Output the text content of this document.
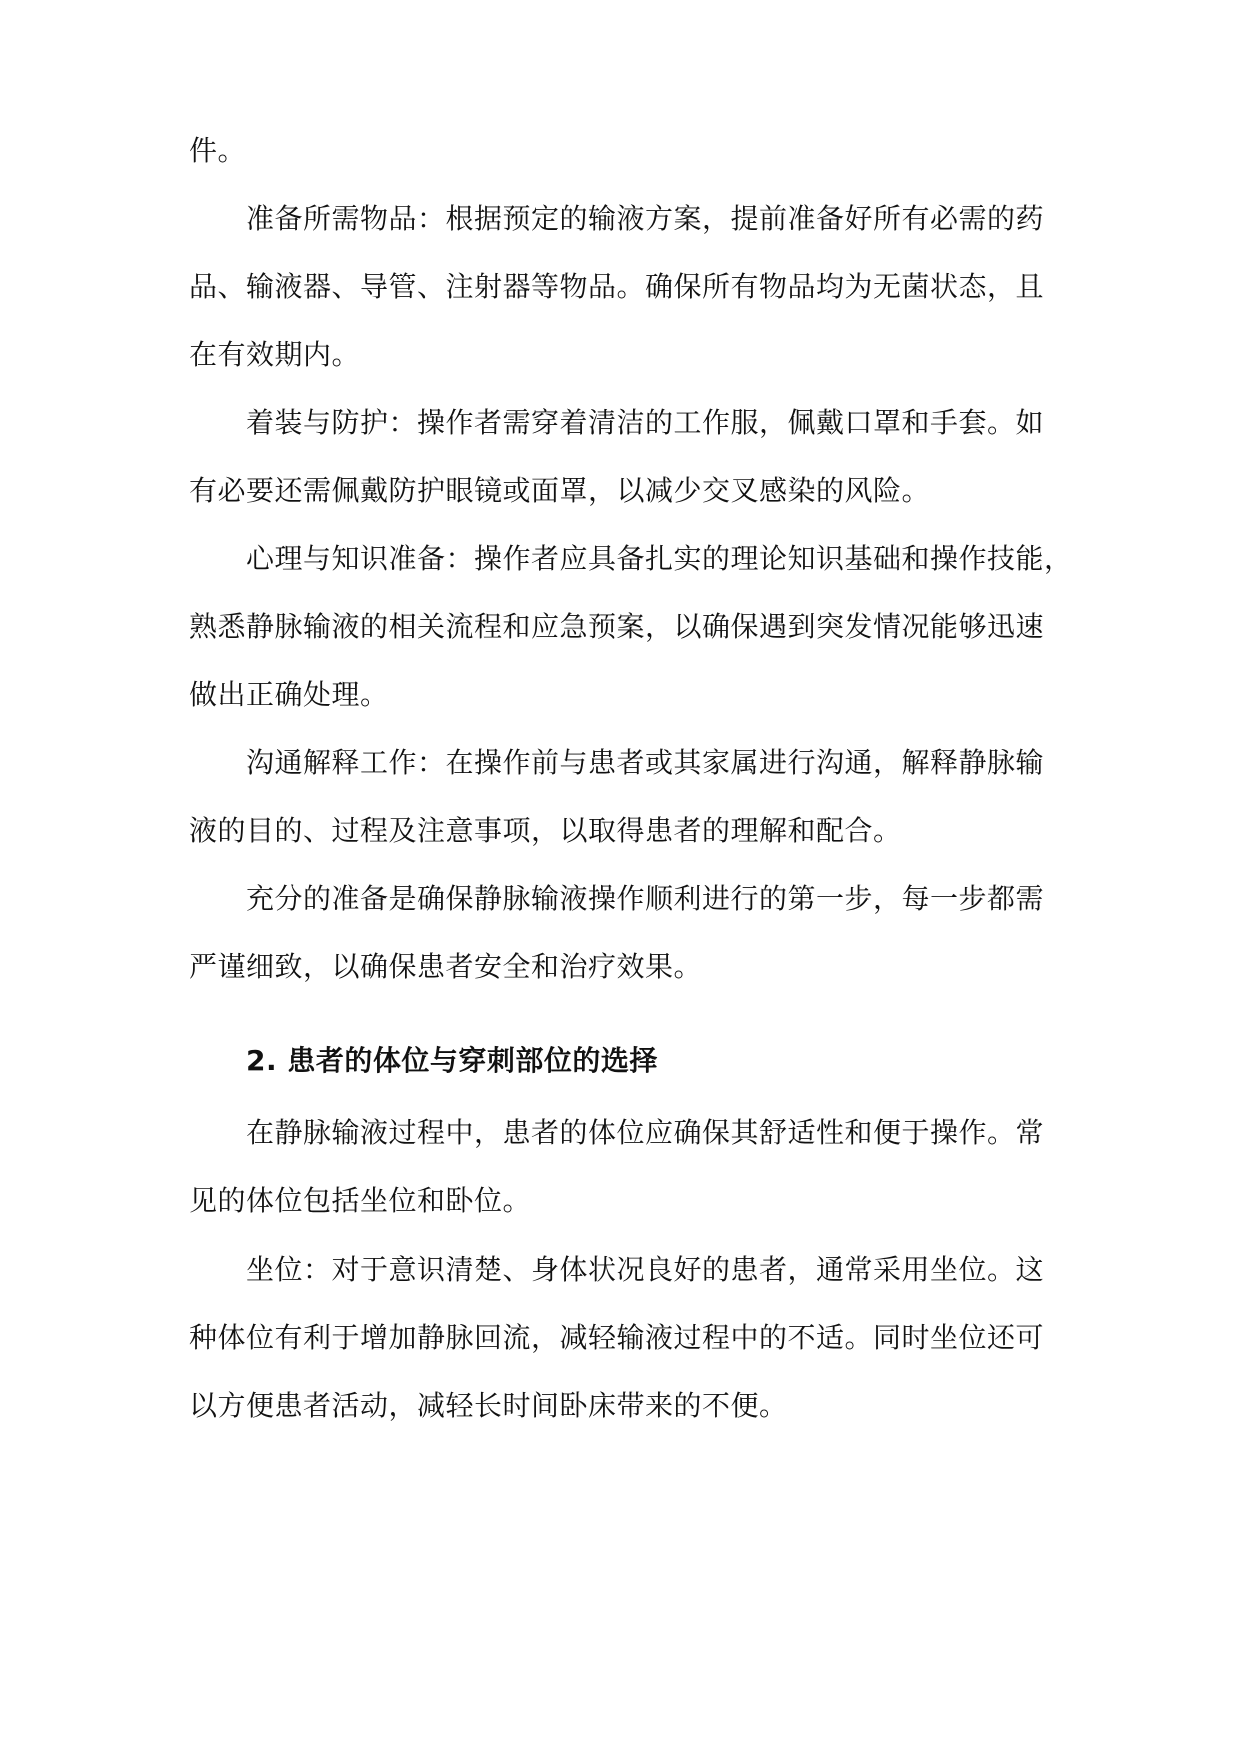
件。
准备所需物品：根据预定的输液方案，提前准备好所有必需的药
品、输液器、导管、注射器等物品。确保所有物品均为无菌状态，且
在有效期内。
着装与防护：操作者需穿着清洁的工作服，佩戴口罩和手套。如
有必要还需佩戴防护眼镜或面罩，以减少交叉感染的风险。
心理与知识准备：操作者应具备扎实的理论知识基础和操作技能，
熟悉静脉输液的相关流程和应急预案，以确保遇到突发情况能够迅速
做出正确处理。
沟通解释工作：在操作前与患者或其家属进行沟通，解释静脉输
液的目的、过程及注意事项，以取得患者的理解和配合。
充分的准备是确保静脉输液操作顺利进行的第一步，每一步都需
严谨细致，以确保患者安全和治疗效果。
2. 患者的体位与穿刺部位的选择
在静脉输液过程中，患者的体位应确保其舒适性和便于操作。常
见的体位包括坐位和卧位。
坐位：对于意识清楚、身体状况良好的患者，通常采用坐位。这
种体位有利于增加静脉回流，减轻输液过程中的不适。同时坐位还可
以方便患者活动，减轻长时间卧床带来的不便。
